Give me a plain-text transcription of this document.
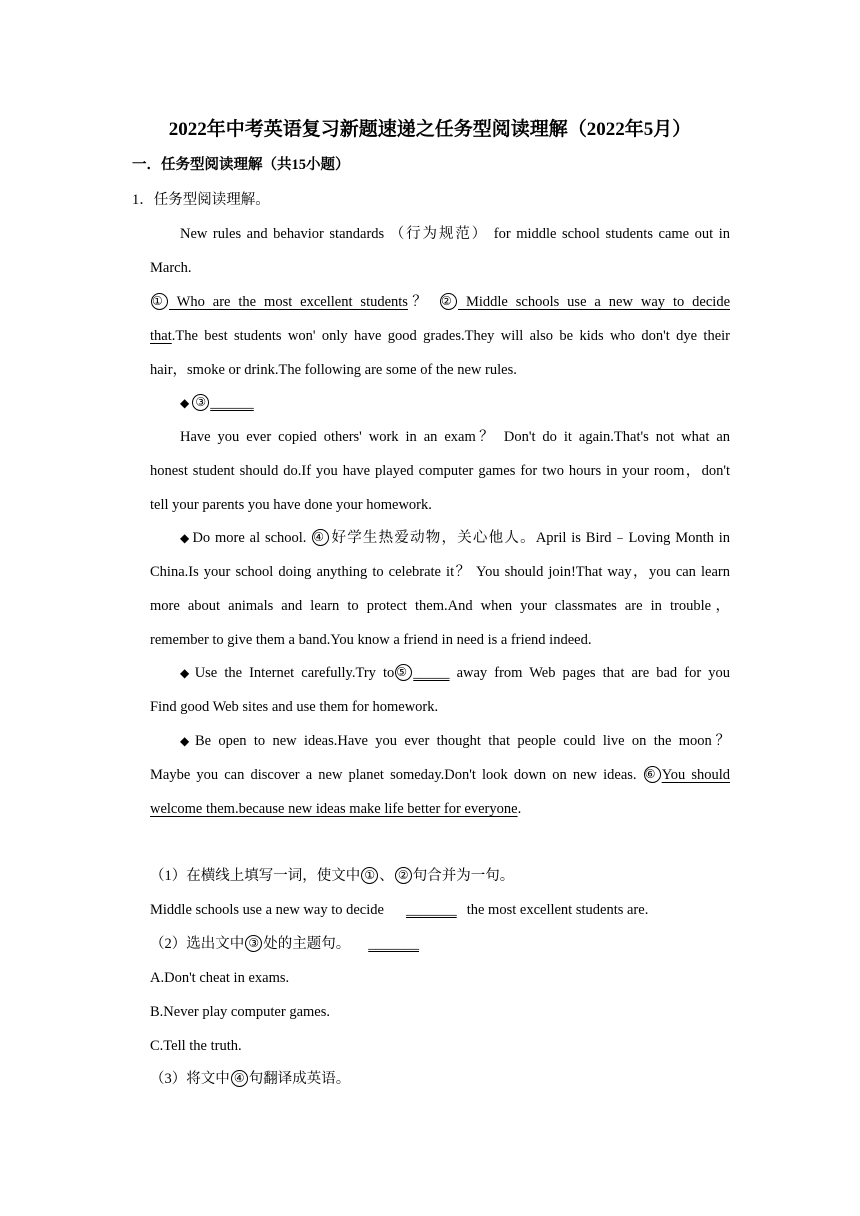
2022年中考英语复习新题速递之任务型阅读理解（2022年5月）
一．任务型阅读理解（共15小题）
1．任务型阅读理解。
New rules and behavior standards （行为规范） for middle school students came out in
March.
① Who are the most excellent students？ ② Middle schools use a new way to decide
that.The best students won' only have good grades.They will also be kids who don't dye their
hair，smoke or drink.The following are some of the new rules.
◆ ③ ______
Have you ever copied others' work in an exam？ Don't do it again.That's not what an
honest student should do.If you have played computer games for two hours in your room，don't
tell your parents you have done your homework.
◆ Do more al school. ④ 好学生热爱动物，关心他人。April is Bird﹣Loving Month in
China.Is your school doing anything to celebrate it？ You should join!That way，you can learn
more about animals and learn to protect them.And when your classmates are in trouble，
remember to give them a band.You know a friend in need is a friend indeed.
◆ Use the Internet carefully.Try to ⑤ _____ away from Web pages that are bad for you
Find good Web sites and use them for homework.
◆ Be open to new ideas.Have you ever thought that people could live on the moon？
Maybe you can discover a new planet someday.Don't look down on new ideas. ⑥ You should
welcome them.because new ideas make life better for everyone.
（1）在横线上填写一词，使文中 ① 、 ② 句合并为一句。
Middle schools use a new way to decide _______ the most excellent students are.
（2）选出文中 ③ 处的主题句。 _______
A.Don't cheat in exams.
B.Never play computer games.
C.Tell the truth.
（3）将文中 ④ 句翻译成英语。
